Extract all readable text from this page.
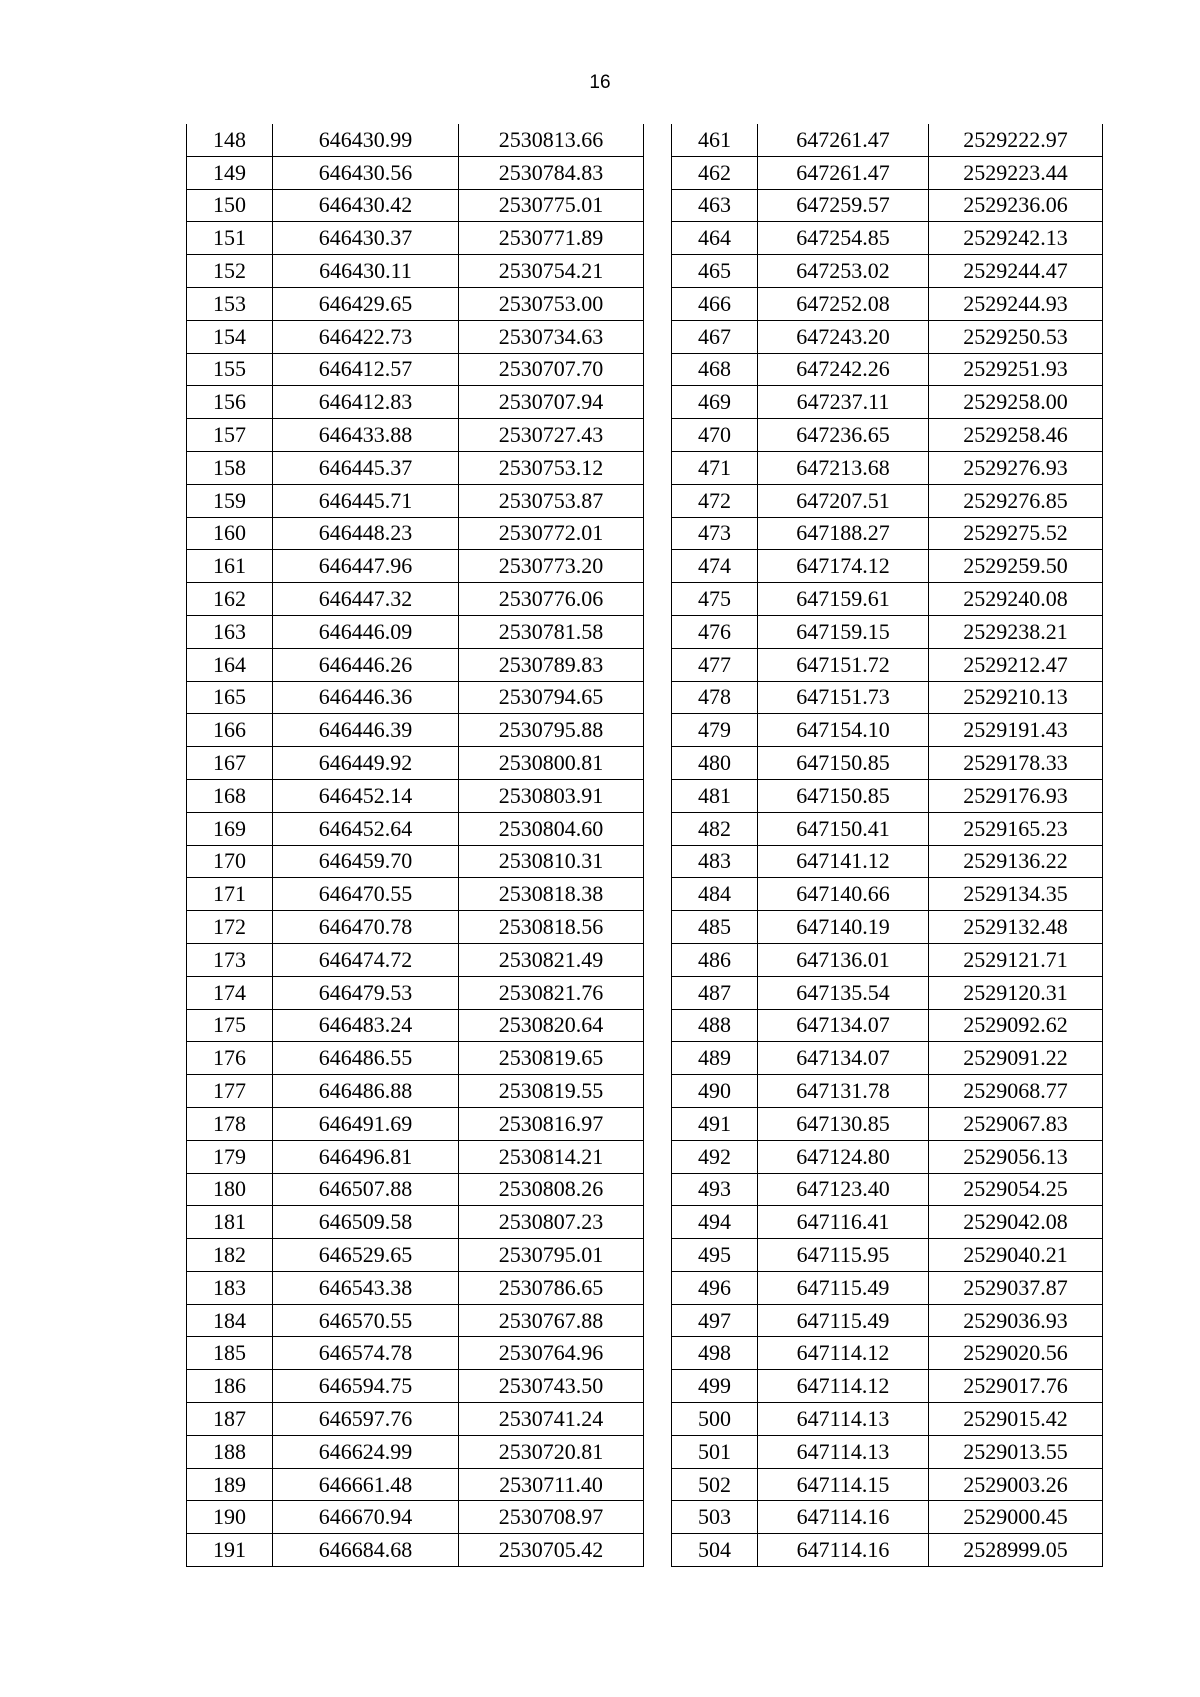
16
148	646430.99	2530813.66
149	646430.56	2530784.83
150	646430.42	2530775.01
151	646430.37	2530771.89
152	646430.11	2530754.21
153	646429.65	2530753.00
154	646422.73	2530734.63
155	646412.57	2530707.70
156	646412.83	2530707.94
157	646433.88	2530727.43
158	646445.37	2530753.12
159	646445.71	2530753.87
160	646448.23	2530772.01
161	646447.96	2530773.20
162	646447.32	2530776.06
163	646446.09	2530781.58
164	646446.26	2530789.83
165	646446.36	2530794.65
166	646446.39	2530795.88
167	646449.92	2530800.81
168	646452.14	2530803.91
169	646452.64	2530804.60
170	646459.70	2530810.31
171	646470.55	2530818.38
172	646470.78	2530818.56
173	646474.72	2530821.49
174	646479.53	2530821.76
175	646483.24	2530820.64
176	646486.55	2530819.65
177	646486.88	2530819.55
178	646491.69	2530816.97
179	646496.81	2530814.21
180	646507.88	2530808.26
181	646509.58	2530807.23
182	646529.65	2530795.01
183	646543.38	2530786.65
184	646570.55	2530767.88
185	646574.78	2530764.96
186	646594.75	2530743.50
187	646597.76	2530741.24
188	646624.99	2530720.81
189	646661.48	2530711.40
190	646670.94	2530708.97
191	646684.68	2530705.42
461	647261.47	2529222.97
462	647261.47	2529223.44
463	647259.57	2529236.06
464	647254.85	2529242.13
465	647253.02	2529244.47
466	647252.08	2529244.93
467	647243.20	2529250.53
468	647242.26	2529251.93
469	647237.11	2529258.00
470	647236.65	2529258.46
471	647213.68	2529276.93
472	647207.51	2529276.85
473	647188.27	2529275.52
474	647174.12	2529259.50
475	647159.61	2529240.08
476	647159.15	2529238.21
477	647151.72	2529212.47
478	647151.73	2529210.13
479	647154.10	2529191.43
480	647150.85	2529178.33
481	647150.85	2529176.93
482	647150.41	2529165.23
483	647141.12	2529136.22
484	647140.66	2529134.35
485	647140.19	2529132.48
486	647136.01	2529121.71
487	647135.54	2529120.31
488	647134.07	2529092.62
489	647134.07	2529091.22
490	647131.78	2529068.77
491	647130.85	2529067.83
492	647124.80	2529056.13
493	647123.40	2529054.25
494	647116.41	2529042.08
495	647115.95	2529040.21
496	647115.49	2529037.87
497	647115.49	2529036.93
498	647114.12	2529020.56
499	647114.12	2529017.76
500	647114.13	2529015.42
501	647114.13	2529013.55
502	647114.15	2529003.26
503	647114.16	2529000.45
504	647114.16	2528999.05
